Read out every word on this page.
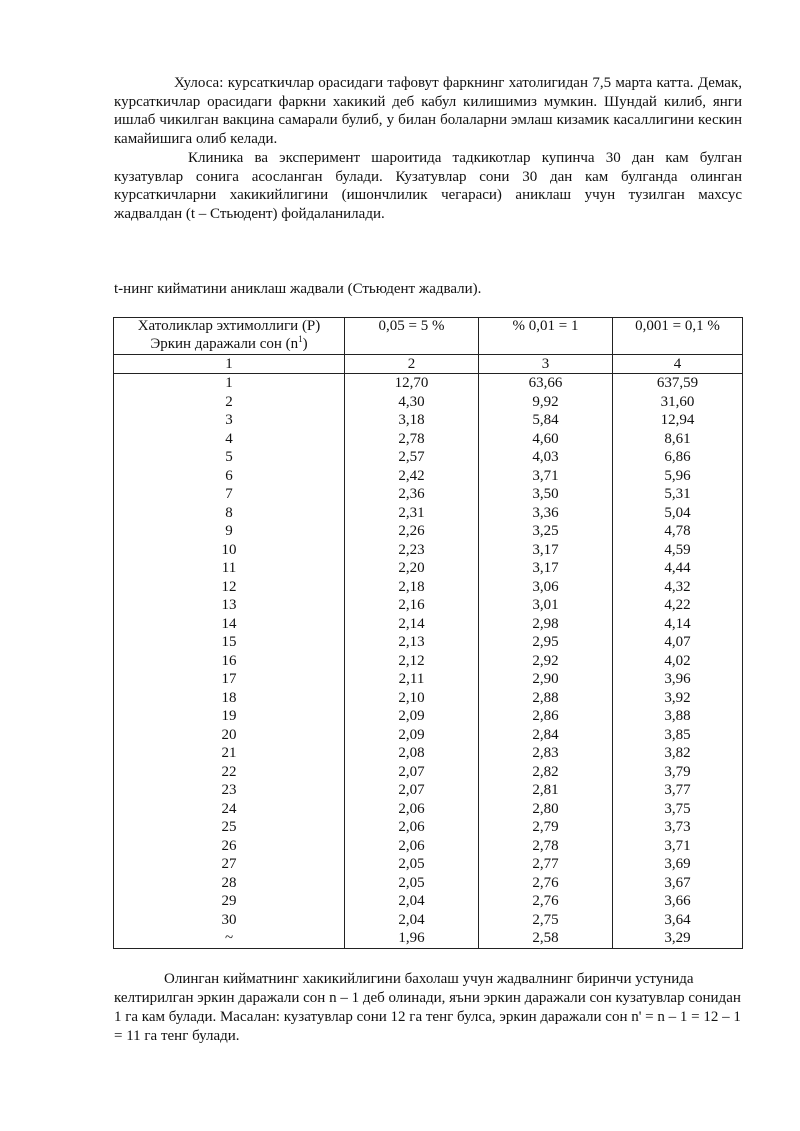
Хулоса: курсаткичлар орасидаги тафовут фаркнинг хатолигидан 7,5 марта катта. Демак, курсаткичлар орасидаги фаркни хакикий деб кабул килишимиз мумкин. Шундай килиб, янги ишлаб чикилган вакцина самарали булиб, у билан болаларни эмлаш кизамик касаллигини кескин камайишига олиб келади.

Клиника ва эксперимент шароитида тадкикотлар купинча 30 дан кам булган кузатувлар сонига асосланган булади. Кузатувлар сони 30 дан кам булганда олинган курсаткичларни хакикийлигини (ишончлилик чегараси) аниклаш учун тузилган махсус жадвалдан (t – Стьюдент) фойдаланилади.

t-нинг кийматини аниклаш жадвали (Стьюдент жадвали).

Хатоликлар эхтимоллиги (Р)
Эркин даражали сон $(n^1)$	0,05 = 5 %	% 0,01 = 1	0,001 = 0,1 %
1	2	3	4
1	12,70	63,66	637,59
2	4,30	9,92	31,60
3	3,18	5,84	12,94
4	2,78	4,60	8,61
5	2,57	4,03	6,86
6	2,42	3,71	5,96
7	2,36	3,50	5,31
8	2,31	3,36	5,04
9	2,26	3,25	4,78
10	2,23	3,17	4,59
11	2,20	3,17	4,44
12	2,18	3,06	4,32
13	2,16	3,01	4,22
14	2,14	2,98	4,14
15	2,13	2,95	4,07
16	2,12	2,92	4,02
17	2,11	2,90	3,96
18	2,10	2,88	3,92
19	2,09	2,86	3,88
20	2,09	2,84	3,85
21	2,08	2,83	3,82
22	2,07	2,82	3,79
23	2,07	2,81	3,77
24	2,06	2,80	3,75
25	2,06	2,79	3,73
26	2,06	2,78	3,71
27	2,05	2,77	3,69
28	2,05	2,76	3,67
29	2,04	2,76	3,66
30	2,04	2,75	3,64
~	1,96	2,58	3,29

Олинган кийматнинг хакикийлигини бахолаш учун жадвалнинг биринчи устунида келтирилган эркин даражали сон n – 1 деб олинади, яъни эркин даражали сон кузатувлар сонидан 1 га кам булади. Масалан: кузатувлар сони 12 га тенг булса, эркин даражали сон n' = n – 1 = 12 – 1 = 11 га тенг булади.
